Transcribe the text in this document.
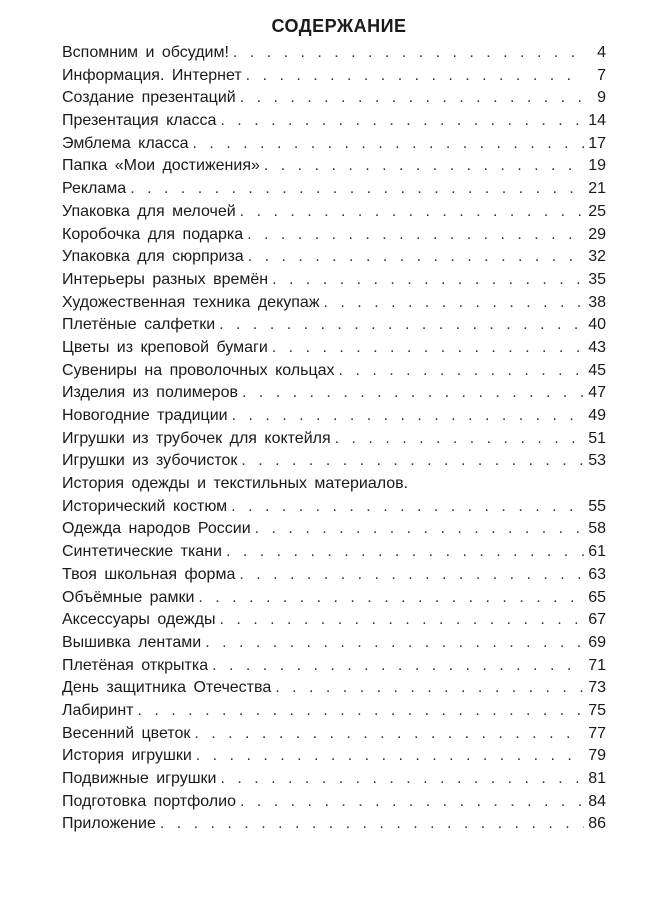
СОДЕРЖАНИЕ
Вспомним и обсудим! . . .	4
Информация. Интернет . . .	7
Создание презентаций . . .	9
Презентация класса . . .	14
Эмблема класса . . .	17
Папка «Мои достижения» . . .	19
Реклама . . .	21
Упаковка для мелочей . . .	25
Коробочка для подарка . . .	29
Упаковка для сюрприза . . .	32
Интерьеры разных времён . . .	35
Художественная техника декупаж . . .	38
Плетёные салфетки . . .	40
Цветы из креповой бумаги . . .	43
Сувениры на проволочных кольцах . . .	45
Изделия из полимеров . . .	47
Новогодние традиции . . .	49
Игрушки из трубочек для коктейля . . .	51
Игрушки из зубочисток . . .	53
История одежды и текстильных материалов.
Исторический костюм . . .	55
Одежда народов России . . .	58
Синтетические ткани . . .	61
Твоя школьная форма . . .	63
Объёмные рамки . . .	65
Аксессуары одежды . . .	67
Вышивка лентами . . .	69
Плетёная открытка . . .	71
День защитника Отечества . . .	73
Лабиринт . . .	75
Весенний цветок . . .	77
История игрушки . . .	79
Подвижные игрушки . . .	81
Подготовка портфолио . . .	84
Приложение . . .	86
